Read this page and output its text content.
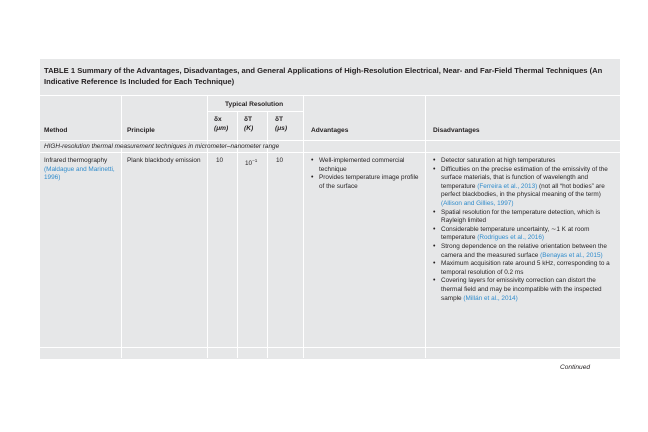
TABLE 1 Summary of the Advantages, Disadvantages, and General Applications of High-Resolution Electrical, Near- and Far-Field Thermal Techniques (An Indicative Reference Is Included for Each Technique)
Method	Principle
Typical Resolution
δx
(μm)
δT
(K)
δT
(μs)	Advantages	Disadvantages
HIGH-resolution thermal measurement techniques in micrometer–nanometer range
Infrared thermography
(Maldague and Marinetti, 1996)
Plank blackbody emission	10	$10^{-1}$	10
•	Well-implemented commercial technique
• Provides temperature image profile of the surface
• Detector saturation at high temperatures
• Difficulties on the precise estimation of the emissivity of the surface materials, that is function of wavelength and temperature (Ferreira et al., 2013) (not all “hot bodies” are perfect blackbodies, in the physical meaning of the term) (Allison and Gillies, 1997)
• Spatial resolution for the temperature detection, which is Rayleigh limited
• Considerable temperature uncertainty, ∼1 K at room temperature (Rodrigues et al., 2016)
• Strong dependence on the relative orientation between the camera and the measured surface (Benayas et al., 2015)
• Maximum acquisition rate around 5 kHz, corresponding to a temporal resolution of 0.2 ms
• Covering layers for emissivity correction can distort the thermal field and may be incompatible with the inspected sample (Millán et al., 2014)
Continued
